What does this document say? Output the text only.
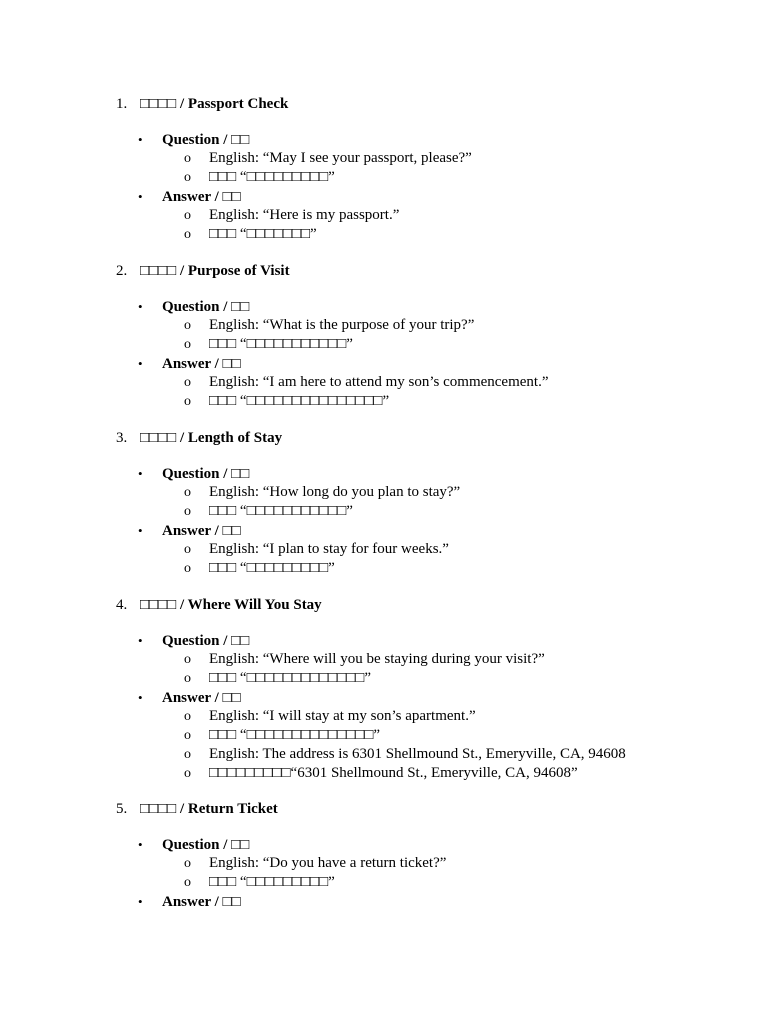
1. □□□□ / Passport Check
• Question / □□
o English: “May I see your passport, please?”
o □□□ “□□□□□□□□□”
• Answer / □□
o English: “Here is my passport.”
o □□□ “□□□□□□□”
2. □□□□ / Purpose of Visit
• Question / □□
o English: “What is the purpose of your trip?”
o □□□ “□□□□□□□□□□□”
• Answer / □□
o English: “I am here to attend my son’s commencement.”
o □□□ “□□□□□□□□□□□□□□□”
3. □□□□ / Length of Stay
• Question / □□
o English: “How long do you plan to stay?”
o □□□ “□□□□□□□□□□□”
• Answer / □□
o English: “I plan to stay for four weeks.”
o □□□ “□□□□□□□□□”
4. □□□□ / Where Will You Stay
• Question / □□
o English: “Where will you be staying during your visit?”
o □□□ “□□□□□□□□□□□□□”
• Answer / □□
o English: “I will stay at my son’s apartment.”
o □□□ “□□□□□□□□□□□□□□”
o English: The address is 6301 Shellmound St., Emeryville, CA, 94608
o □□□□□□□□□“6301 Shellmound St., Emeryville, CA, 94608”
5. □□□□ / Return Ticket
• Question / □□
o English: “Do you have a return ticket?”
o □□□ “□□□□□□□□□”
• Answer / □□
